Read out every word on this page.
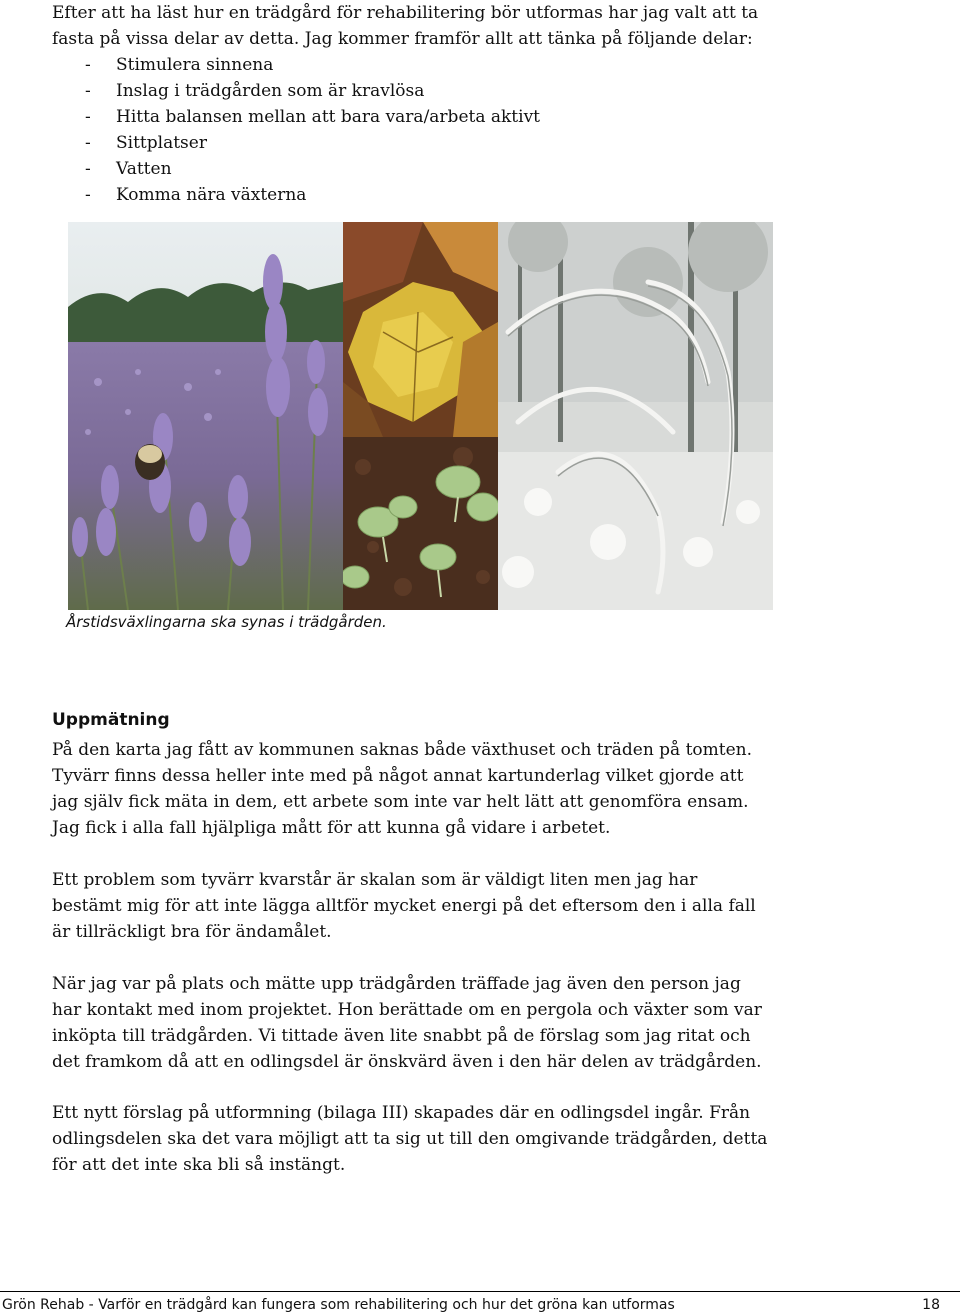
Efter att ha läst hur en trädgård för rehabilitering bör utformas har jag valt att ta fasta på vissa delar av detta. Jag kommer framför allt att tänka på följande delar:
- Stimulera sinnena
- Inslag i trädgården som är kravlösa
- Hitta balansen mellan att bara vara/arbeta aktivt
- Sittplatser
- Vatten
- Komma nära växterna

Årstidsväxlingarna ska synas i trädgården.

Uppmätning

På den karta jag fått av kommunen saknas både växthuset och träden på tomten. Tyvärr finns dessa heller inte med på något annat kartunderlag vilket gjorde att jag själv fick mäta in dem, ett arbete som inte var helt lätt att genomföra ensam. Jag fick i alla fall hjälpliga mått för att kunna gå vidare i arbetet.

Ett problem som tyvärr kvarstår är skalan som är väldigt liten men jag har bestämt mig för att inte lägga alltför mycket energi på det eftersom den i alla fall är tillräckligt bra för ändamålet.

När jag var på plats och mätte upp trädgården träffade jag även den person jag har kontakt med inom projektet. Hon berättade om en pergola och växter som var inköpta till trädgården. Vi tittade även lite snabbt på de förslag som jag ritat och det framkom då att en odlingsdel är önskvärd även i den här delen av trädgården.

Ett nytt förslag på utformning (bilaga III) skapades där en odlingsdel ingår. Från odlingsdelen ska det vara möjligt att ta sig ut till den omgivande trädgården, detta för att det inte ska bli så instängt.

Grön Rehab - Varför en trädgård kan fungera som rehabilitering och hur det gröna kan utformas	18
